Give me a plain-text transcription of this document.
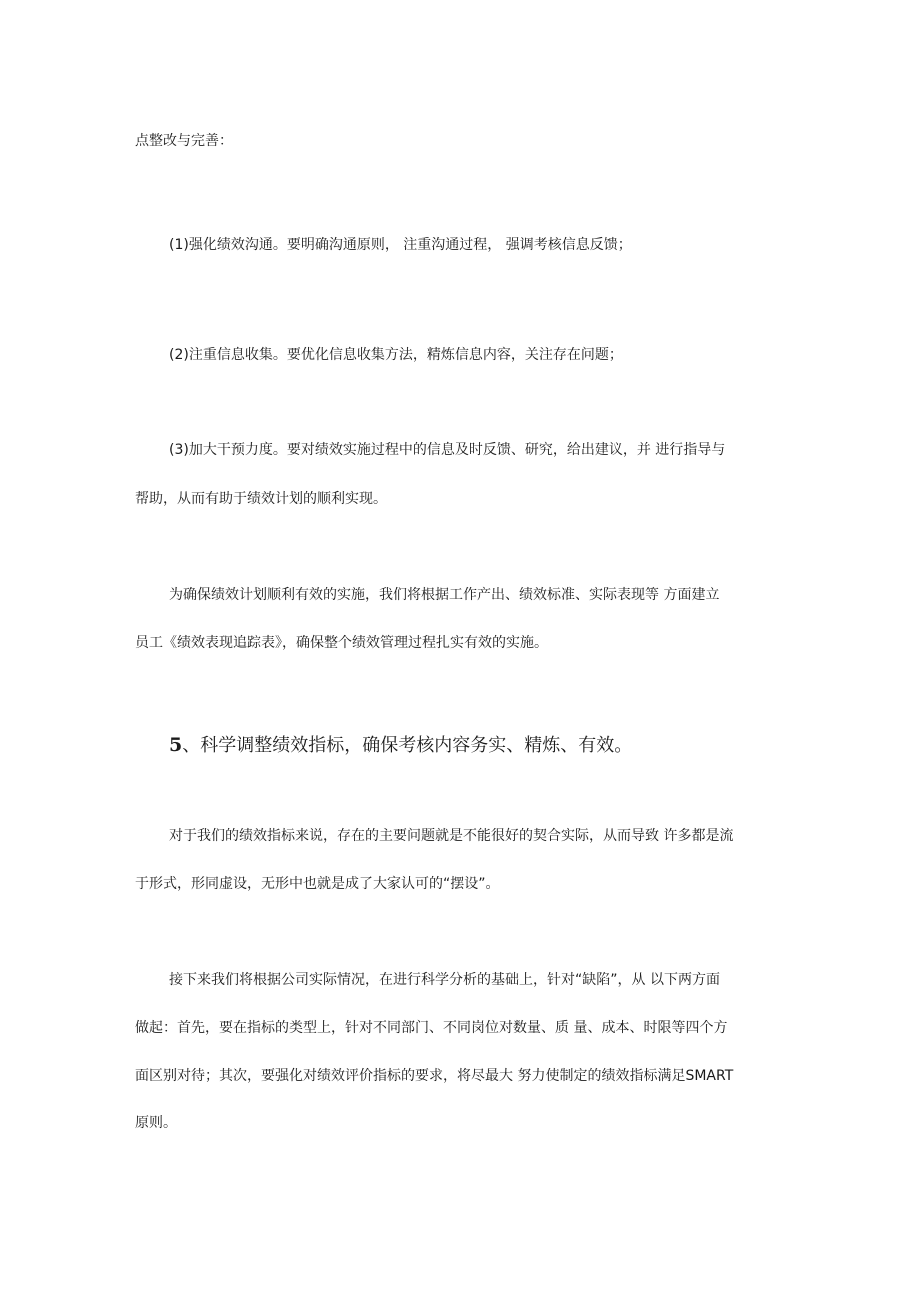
点整改与完善：

(1)强化绩效沟通。要明确沟通原则， 注重沟通过程， 强调考核信息反馈；

(2)注重信息收集。要优化信息收集方法，精炼信息内容，关注存在问题；

(3)加大干预力度。要对绩效实施过程中的信息及时反馈、研究，给出建议，并 进行指导与

帮助，从而有助于绩效计划的顺利实现。

为确保绩效计划顺利有效的实施，我们将根据工作产出、绩效标准、实际表现等 方面建立

员工《绩效表现追踪表》，确保整个绩效管理过程扎实有效的实施。

5、科学调整绩效指标，确保考核内容务实、精炼、有效。

对于我们的绩效指标来说，存在的主要问题就是不能很好的契合实际，从而导致 许多都是流

于形式，形同虚设，无形中也就是成了大家认可的“摆设”。

接下来我们将根据公司实际情况，在进行科学分析的基础上，针对“缺陷”，从 以下两方面

做起：首先，要在指标的类型上，针对不同部门、不同岗位对数量、质 量、成本、时限等四个方

面区别对待；其次，要强化对绩效评价指标的要求，将尽最大 努力使制定的绩效指标满足SMART

原则。
